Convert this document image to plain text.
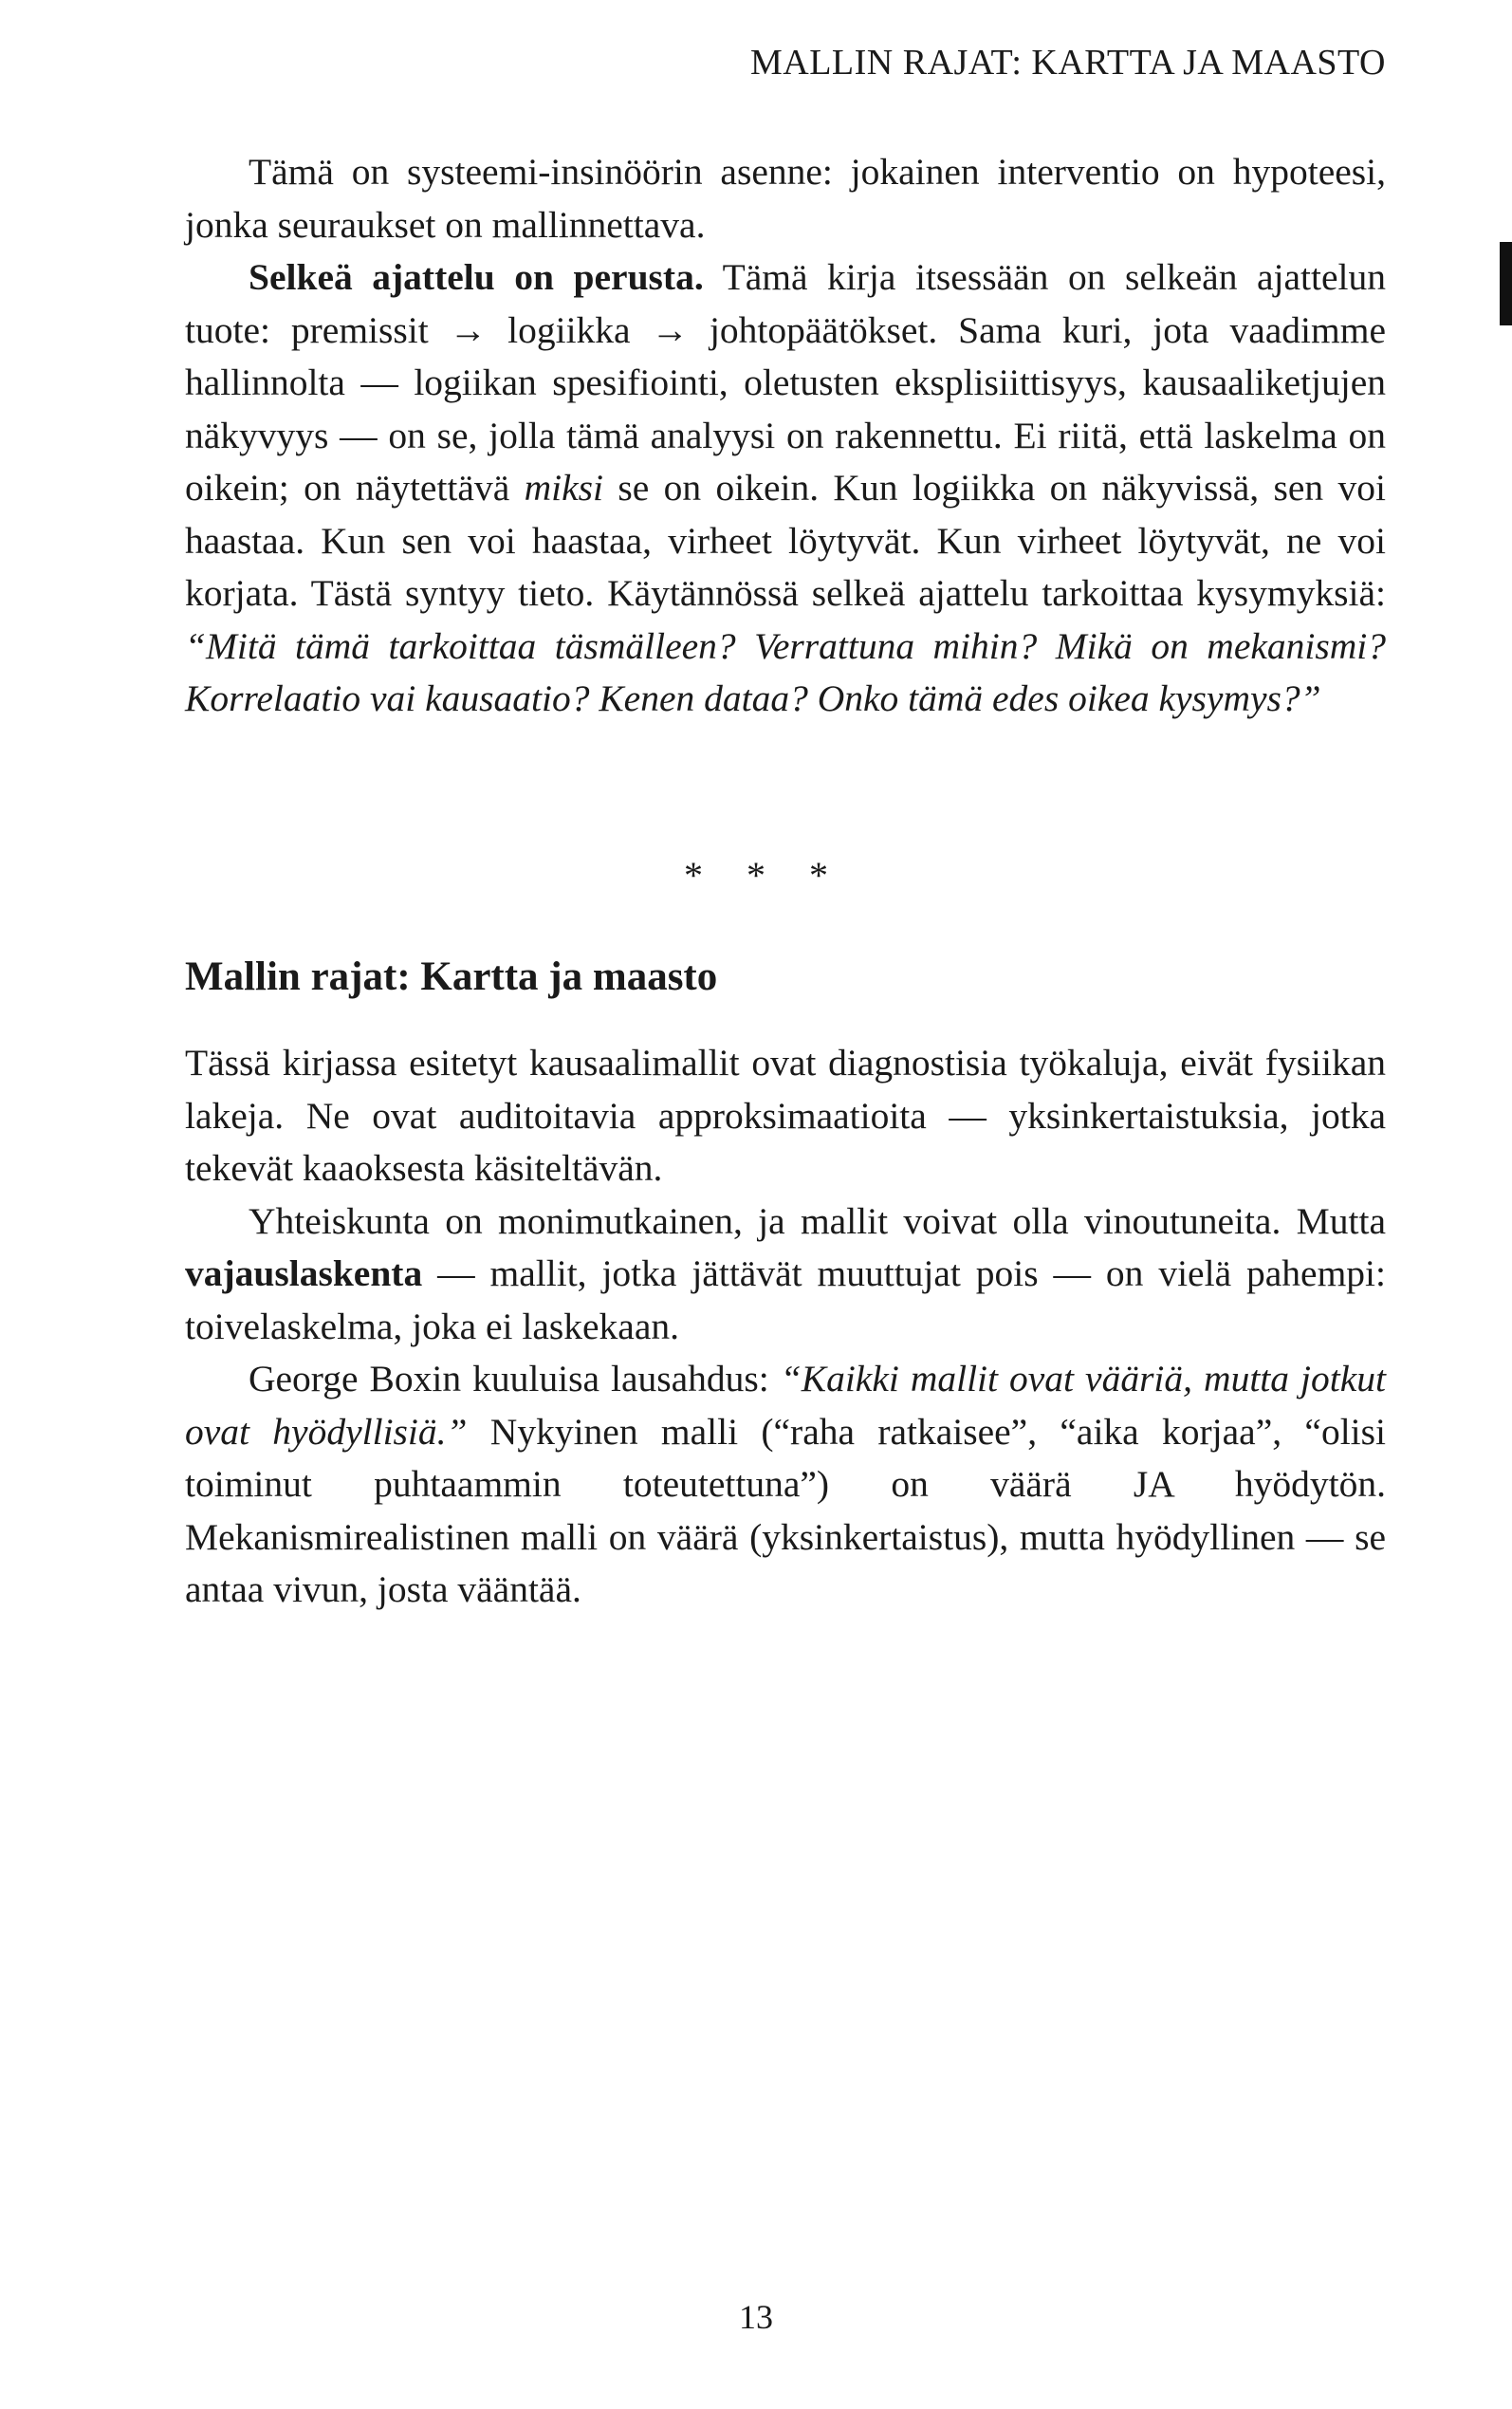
MALLIN RAJAT: KARTTA JA MAASTO

Tämä on systeemi-insinöörin asenne: jokainen interventio on hypoteesi, jonka seuraukset on mallinnettava.

Selkeä ajattelu on perusta. Tämä kirja itsessään on selkeän ajattelun tuote: premissit → logiikka → johtopäätökset. Sama kuri, jota vaadimme hallinnolta — logiikan spesifiointi, oletusten eksplisiittisyys, kausaaliketjujen näkyvyys — on se, jolla tämä analyysi on rakennettu. Ei riitä, että laskelma on oikein; on näytettävä miksi se on oikein. Kun logiikka on näkyvissä, sen voi haastaa. Kun sen voi haastaa, virheet löytyvät. Kun virheet löytyvät, ne voi korjata. Tästä syntyy tieto. Käytännössä selkeä ajattelu tarkoittaa kysymyksiä: “Mitä tämä tarkoittaa täsmälleen? Verrattuna mihin? Mikä on mekanismi? Korrelaatio vai kausaatio? Kenen dataa? Onko tämä edes oikea kysymys?”

* * *
Mallin rajat: Kartta ja maasto

Tässä kirjassa esitetyt kausaalimallit ovat diagnostisia työkaluja, eivät fysiikan lakeja. Ne ovat auditoitavia approksimaatioita — yksinkertaistuksia, jotka tekevät kaaoksesta käsiteltävän.

Yhteiskunta on monimutkainen, ja mallit voivat olla vinoutuneita. Mutta vajauslaskenta — mallit, jotka jättävät muuttujat pois — on vielä pahempi: toivelaskelma, joka ei laskekaan.

George Boxin kuuluisa lausahdus: “Kaikki mallit ovat vääriä, mutta jotkut ovat hyödyllisiä.” Nykyinen malli (“raha ratkaisee”, “aika korjaa”, “olisi toiminut puhtaammin toteutettuna”) on väärä JA hyödytön. Mekanismirealistinen malli on väärä (yksinkertaistus), mutta hyödyllinen — se antaa vivun, josta vääntää.

13
